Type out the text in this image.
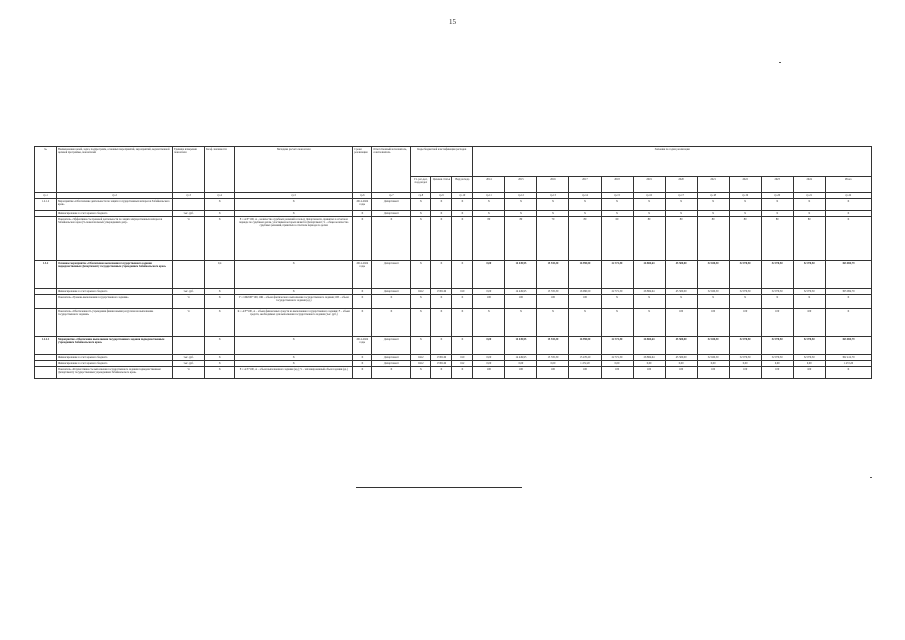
15
№	Наименование целей, задач, подпрограмм, основных мероприятий, мероприятий, ведомственной целевой программы, показателей	Единица измерения показателя	Коэф. значимости	Методика расчета показателя	Сроки реализации	Ответственный исполнитель, соисполнитель	Коды бюджетной классификации расходов			Значения по годам реализации											
							Гл. рас-дел, под-раздел	Целевая статья	Вид расхода	2014	2015	2016	2017	2018	2019	2020	2021	2022	2023	2024	Итого
гр.1	гр.2	гр.3	гр.4	гр.5	гр.6	гр.7	гр.8	гр.9	гр.10	гр.11	гр.12	гр.13	гр.14	гр.15	гр.16	гр.17	гр.18	гр.19	гр.20	гр.21	гр.22
1.2.1.2	Мероприятие «Обеспечение деятельности по защите государственных интересов Забайкальского края»		X	X	2014-2024 годы	Департамент	X	X	X	X	X	X	X	X	X	X	X	X	X	X	X
	Финансирование за счет краевого бюджета	тыс. руб.	X	X	X	Департамент	X	X	X	X	X	X	X	X	X	X	X	X	X	X	X
	Показатель «Эффективность правовой деятельности по защите имущественных интересов Забайкальского края (%-пожелательных утверждениях дел)»	%	X	E = A/S*100, А – количество судебных решений в пользу Департамента, принятых в отчетном периоде по судебным делам, участником которых является Департамент; S – общее количество судебных решений, принятых в отчетном периоде по делам	X	X	X	X	X	80	80	70	80	60	80	80	80	80	80	80	X
1.3.2	Основное мероприятие «Обеспечение выполнения государственного задания подведомственным Департаменту государственным учреждением Забайкальского края»		0,4	X	2014-2024 годы	Департамент	X	X	X	0,00	14 449,95	15 535,30	16 990,50	22 371,50	26 884,64	45 500,00	52 020,50	52 070,50	52 070,50	52 070,50	363 084,79
	Финансирование за счет краевого бюджета	тыс. руб.	X	X	X	Департамент	0412	1720149	610	0,00	14 449,95	15 535,30	16 990,50	22 371,50	26 884,64	45 500,00	52 020,50	52 070,50	52 070,50	52 070,50	363 084,79
	Показатель «Уровень выполнения государственного задания»	%	X	У = ОФ/ОП*100, ОФ – объем фактического выполнения государственного задания; ОП – объем государственного задания (ед.)	X	X	X	X	X	100	100	100	100	X	X	X	X	X	X	X	X
	Показатель «Обеспеченность учреждения финансовыми ресурсами на выполнение государственного задания»	%	X	К = А/F*100, А – объем финансовых средств на выполнение государственного задания; F – объем средств, необходимых для выполнения государственного задания (тыс. руб.)	X	X	X	X	X	X	X	X	X	X	X	100	100	100	100	100	X
1.2.2.1	Мероприятие «Обеспечение выполнения государственного задания подведомственным учреждением Забайкальского края»		X	X	2014-2024 годы	Департамент	X	X	X	0,00	14 449,95	15 535,30	16 990,50	22 371,50	26 884,64	45 500,00	52 020,50	52 070,50	52 070,50	52 070,50	363 084,79
	Финансирование за счет краевого бюджета	тыс. руб.	X	X	X	Департамент	0412	1720149	610	0,00	14 449,95	15 535,30	15 470,20	22 371,50	26 884,64	45 500,00	52 020,50	52 070,50	52 070,50	52 070,50	362 412,79
	Финансирование за счет краевого бюджета	тыс. руб.	X	X	X	Департамент	0412	1720149	612	0,00	0,00	0,00	1 472,20	0,00	0,00	0,00	0,00	0,00	0,00	0,00	1 472,20
	Показатель «Результативность выполнения государственного задания подведомственным Департаменту государственным учреждением Забайкальского края»	%	X	Е = А/S*100, А – объем выполненного задания (ед.); S – запланированный объем задания (ед.)	X	X	X	X	X	100	100	100	100	100	100	100	100	100	100	100	X
